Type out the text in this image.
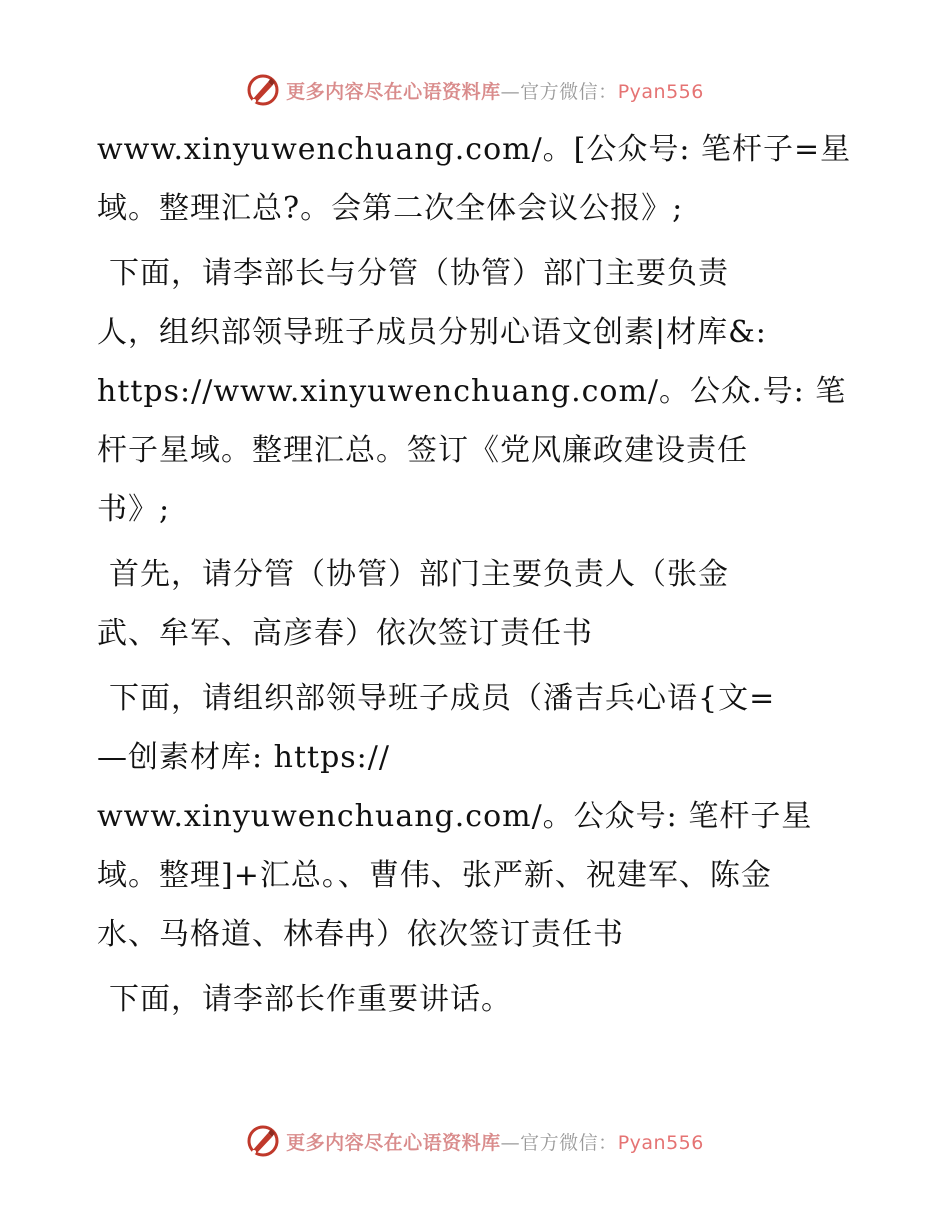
更多内容尽在心语资料库—官方微信：Pyan556

www.xinyuwenchuang.com/。[公众号: 笔杆子=星
域。整理汇总?。会第二次全体会议公报》;

下面，请李部长与分管（协管）部门主要负责
人，组织部领导班子成员分别心语文创素|材库&:
https://www.xinyuwenchuang.com/。公众.号: 笔
杆子星域。整理汇总。签订《党风廉政建设责任
书》;

首先，请分管（协管）部门主要负责人（张金
武、牟军、高彦春）依次签订责任书

下面，请组织部领导班子成员（潘吉兵心语{文=
—创素材库: https://
www.xinyuwenchuang.com/。公众号: 笔杆子星
域。整理]+汇总。、曹伟、张严新、祝建军、陈金
水、马格道、林春冉）依次签订责任书

下面，请李部长作重要讲话。

更多内容尽在心语资料库—官方微信：Pyan556
